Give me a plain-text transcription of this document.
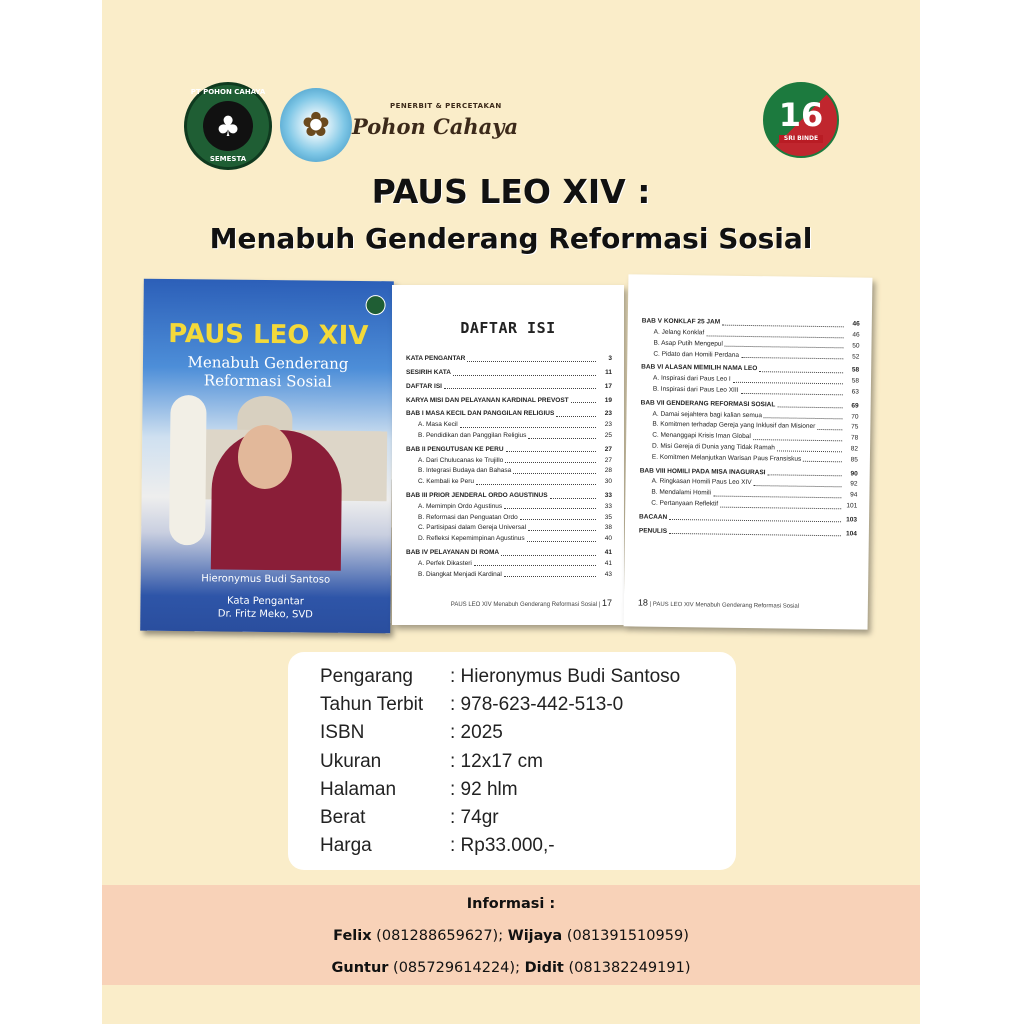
PT POHON CAHAYA
♣
SEMESTA
✿	PENERBIT & PERCETAKAN
Pohon Cahaya	16
SRI BINDE
PAUS LEO XIV :
Menabuh Genderang Reformasi Sosial
PAUS LEO XIV
Menabuh Genderang
Reformasi Sosial
Hieronymus Budi Santoso
Kata Pengantar
Dr. Fritz Meko, SVD
DAFTAR ISI
KATA PENGANTAR	3
SESIRIH KATA	11
DAFTAR ISI	17
KARYA MISI DAN PELAYANAN KARDINAL PREVOST	19
BAB I MASA KECIL DAN PANGGILAN RELIGIUS	23
A. Masa Kecil	23
B. Pendidikan dan Panggilan Religius	25
BAB II PENGUTUSAN KE PERU	27
A. Dari Chulucanas ke Trujillo	27
B. Integrasi Budaya dan Bahasa	28
C. Kembali ke Peru	30
BAB III PRIOR JENDERAL ORDO AGUSTINUS	33
A. Memimpin Ordo Agustinus	33
B. Reformasi dan Penguatan Ordo	35
C. Partisipasi dalam Gereja Universal	38
D. Refleksi Kepemimpinan Agustinus	40
BAB IV PELAYANAN DI ROMA	41
A. Perfek Dikasteri	41
B. Diangkat Menjadi Kardinal	43
PAUS LEO XIV Menabuh Genderang Reformasi Sosial | 17
BAB V KONKLAF 25 JAM	46
A. Jelang Konklaf	46
B. Asap Putih Mengepul	50
C. Pidato dan Homili Perdana	52
BAB VI ALASAN MEMILIH NAMA LEO	58
A. Inspirasi dari Paus Leo I	58
B. Inspirasi dari Paus Leo XIII	63
BAB VII GENDERANG REFORMASI SOSIAL	69
A. Damai sejahtera bagi kalian semua	70
B. Komitmen terhadap Gereja yang Inklusif dan Misioner	75
C. Menanggapi Krisis Iman Global	78
D. Misi Gereja di Dunia yang Tidak Ramah	82
E. Komitmen Melanjutkan Warisan Paus Fransiskus	85
BAB VIII HOMILI PADA MISA INAGURASI	90
A. Ringkasan Homili Paus Leo XIV	92
B. Mendalami Homili	94
C. Pertanyaan Reflektif	101
BACAAN	103
PENULIS	104
18 | PAUS LEO XIV Menabuh Genderang Reformasi Sosial
Pengarang	: Hieronymus Budi Santoso
Tahun Terbit	: 978-623-442-513-0
ISBN	: 2025
Ukuran	: 12x17 cm
Halaman	: 92 hlm
Berat	: 74gr
Harga	: Rp33.000,-
Informasi :
Felix (081288659627); Wijaya (081391510959)
Guntur (085729614224); Didit (081382249191)
